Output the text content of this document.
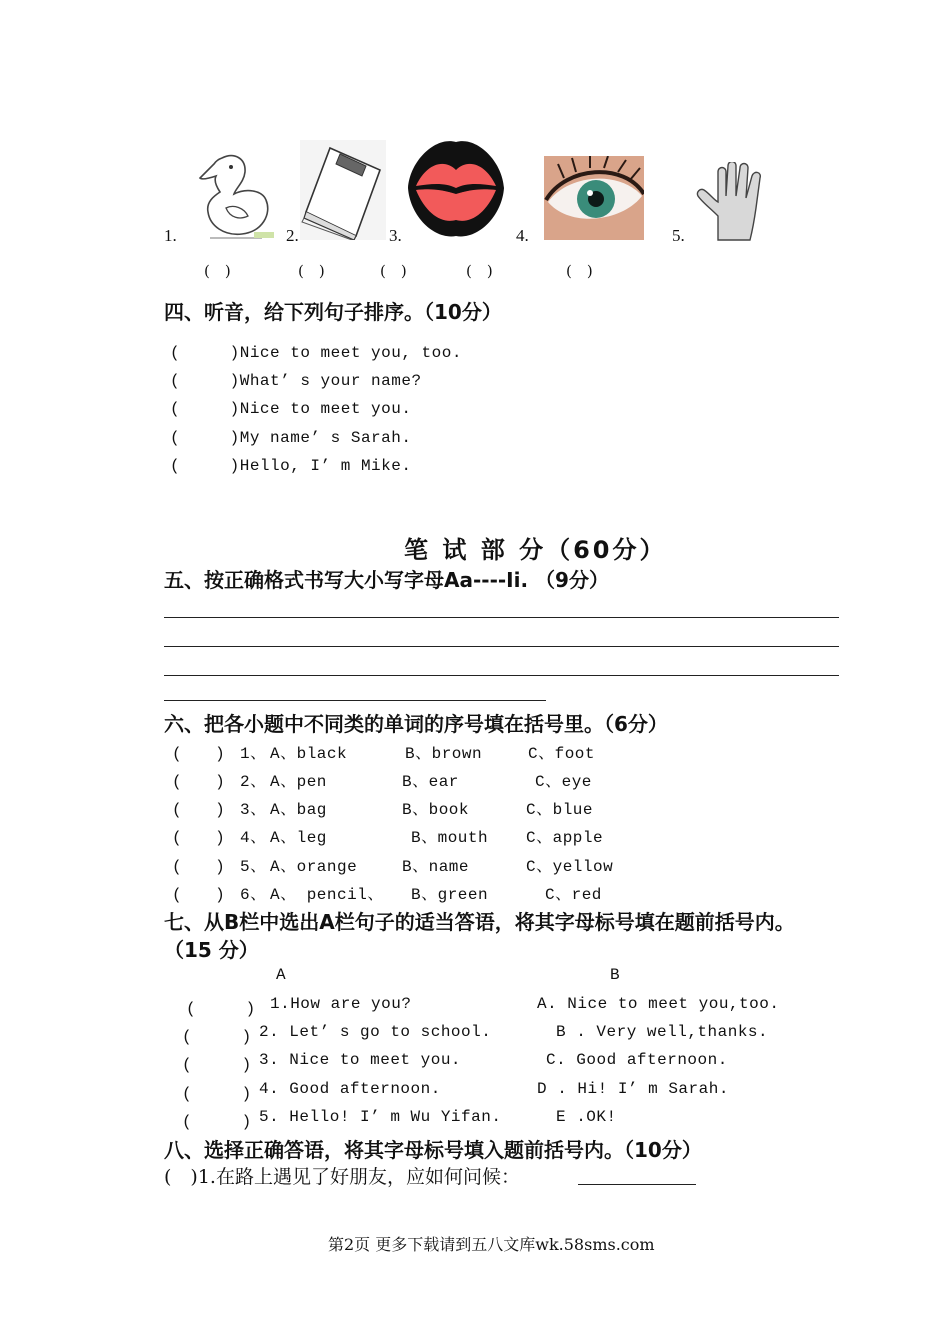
1.	2.	3.	4.	5.
(　)	(　)	(　)	(　)	(　)
四、听音，给下列句子排序。（10分）
(　　　)Nice to meet you, too.
(　　　)What’ s your name?
(　　　)Nice to meet you.
(　　　)My name’ s Sarah.
(　　　)Hello, I’ m Mike.
笔 试 部 分（60分）
五、按正确格式书写大小写字母Aa----Ii. （9分）
六、把各小题中不同类的单词的序号填在括号里。（6分）
(　　) 1、 A、black	B、brown	C、foot
(　　) 2、 A、pen	B、ear	C、eye
(　　) 3、 A、bag	B、book	C、blue
(　　) 4、 A、leg	B、mouth C、apple
(　　) 5、 A、orange	B、name	C、yellow
(　　) 6、 A、 pencil、 B、green	C、red
七、从B栏中选出A栏句子的适当答语，将其字母标号填在题前括号内。
（15 分）
A	B
(　　　) 1.How are you?	A. Nice to meet you,too.
(　　　) 2. Let’ s go to school.	B . Very well,thanks.
(　　　) 3. Nice to meet you.	C. Good afternoon.
(　　　) 4. Good afternoon.	D . Hi! I’ m Sarah.
(　　　) 5. Hello! I’ m Wu Yifan.	E .OK!
八、选择正确答语，将其字母标号填入题前括号内。（10分）
(　)1.在路上遇见了好朋友，应如何问候：
第2页 更多下载请到五八文库wk.58sms.com
